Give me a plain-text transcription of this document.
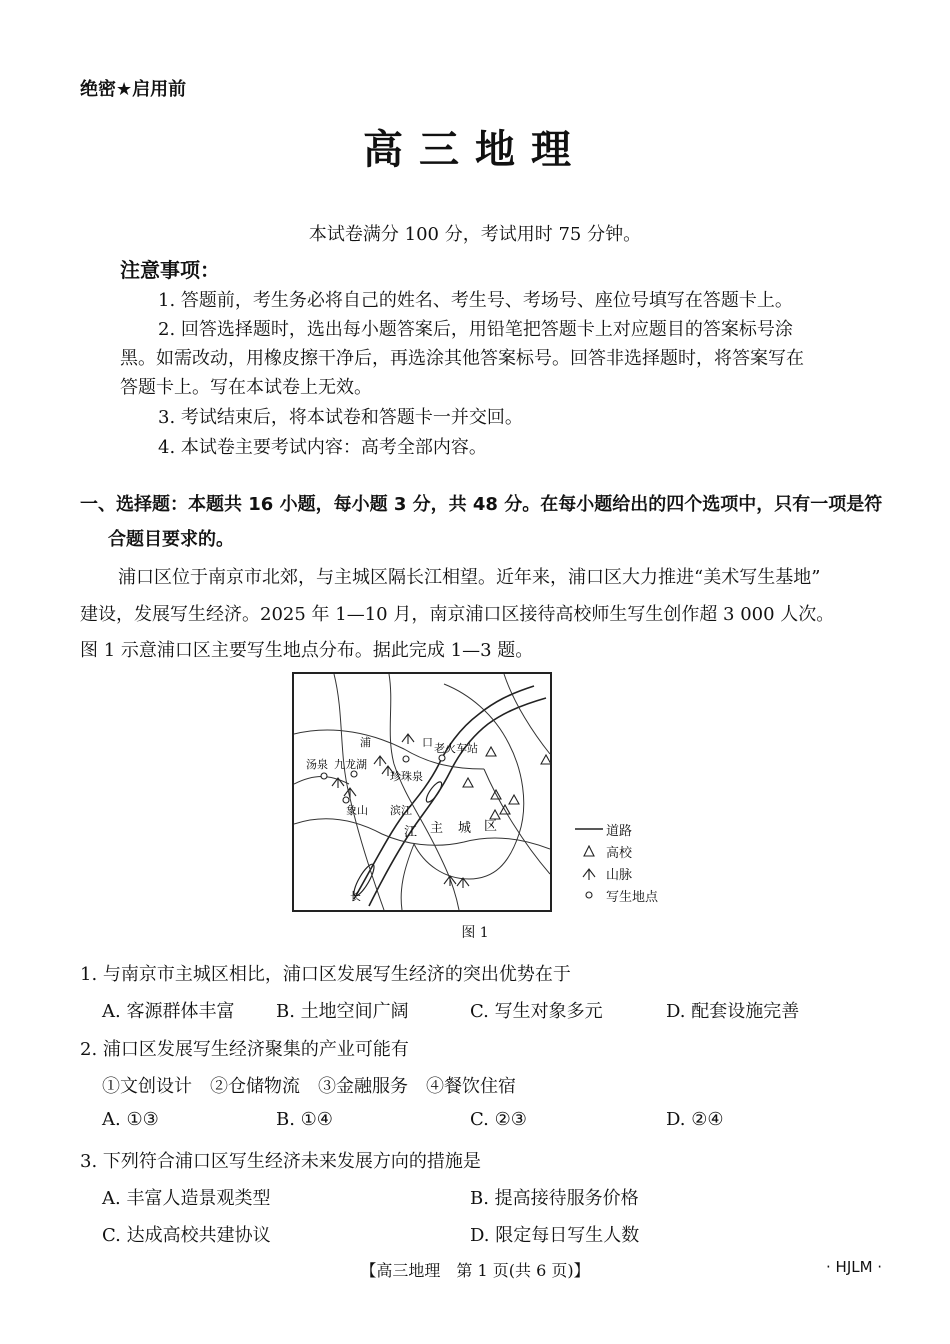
绝密★启用前
高三地理
本试卷满分 100 分，考试用时 75 分钟。
注意事项：
1. 答题前，考生务必将自己的姓名、考生号、考场号、座位号填写在答题卡上。
2. 回答选择题时，选出每小题答案后，用铅笔把答题卡上对应题目的答案标号涂
黑。如需改动，用橡皮擦干净后，再选涂其他答案标号。回答非选择题时，将答案写在
答题卡上。写在本试卷上无效。
3. 考试结束后，将本试卷和答题卡一并交回。
4. 本试卷主要考试内容：高考全部内容。
一、选择题：本题共 16 小题，每小题 3 分，共 48 分。在每小题给出的四个选项中，只有一项是符
合题目要求的。
浦口区位于南京市北郊，与主城区隔长江相望。近年来，浦口区大力推进“美术写生基地”
建设，发展写生经济。2025 年 1—10 月，南京浦口区接待高校师生写生创作超 3 000 人次。
图 1 示意浦口区主要写生地点分布。据此完成 1—3 题。
浦	口 老火车站
汤泉 九龙湖
珍珠泉
象山 滨江
江 主 城 区
长
道路
高校
山脉
写生地点
图 1
1. 与南京市主城区相比，浦口区发展写生经济的突出优势在于
A. 客源群体丰富 B. 土地空间广阔	C. 写生对象多元	D. 配套设施完善
2. 浦口区发展写生经济聚集的产业可能有
①文创设计　②仓储物流　③金融服务　④餐饮住宿
A. ①③	B. ①④	C. ②③	D. ②④
3. 下列符合浦口区写生经济未来发展方向的措施是
A. 丰富人造景观类型	B. 提高接待服务价格
C. 达成高校共建协议	D. 限定每日写生人数
【高三地理　第 1 页(共 6 页)】	· HJLM ·
